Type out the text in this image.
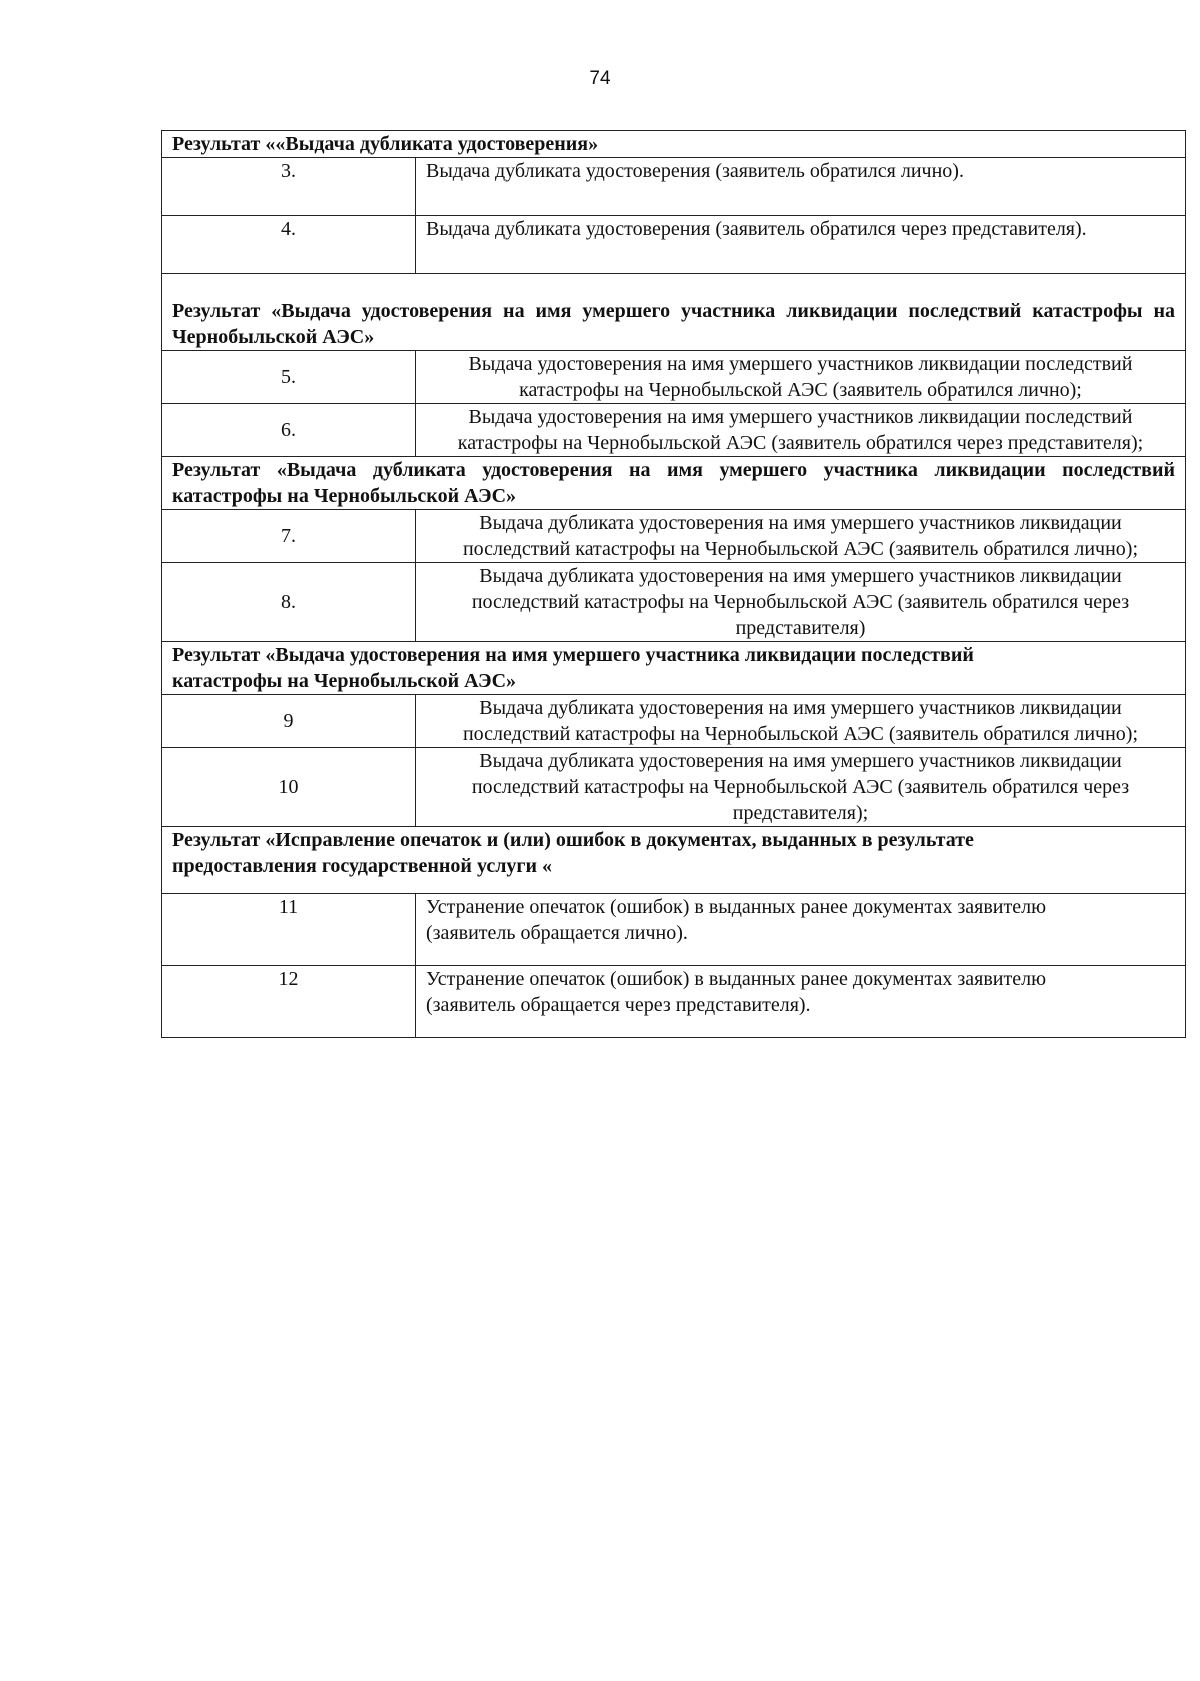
74
Результат ««Выдача дубликата удостоверения»	
3.	Выдача дубликата удостоверения (заявитель обратился лично).
4.	Выдача дубликата удостоверения (заявитель обратился через представителя).
Результат «Выдача удостоверения на имя умершего участника ликвидации последствий катастрофы на Чернобыльской АЭС»	
5.	Выдача удостоверения на имя умершего участников ликвидации последствий катастрофы на Чернобыльской АЭС (заявитель обратился лично);
6.	Выдача удостоверения на имя умершего участников ликвидации последствий катастрофы на Чернобыльской АЭС (заявитель обратился через представителя);
Результат «Выдача дубликата удостоверения на имя умершего участника ликвидации последствий катастрофы на Чернобыльской АЭС»	
7.	Выдача дубликата удостоверения на имя умершего участников ликвидации последствий катастрофы на Чернобыльской АЭС (заявитель обратился лично);
8.	Выдача дубликата удостоверения на имя умершего участников ликвидации последствий катастрофы на Чернобыльской АЭС (заявитель обратился через представителя)
Результат «Выдача удостоверения на имя умершего участника ликвидации последствий катастрофы на Чернобыльской АЭС»	
9	Выдача дубликата удостоверения на имя умершего участников ликвидации последствий катастрофы на Чернобыльской АЭС (заявитель обратился лично);
10	Выдача дубликата удостоверения на имя умершего участников ликвидации последствий катастрофы на Чернобыльской АЭС (заявитель обратился через представителя);
Результат «Исправление опечаток и (или) ошибок в документах, выданных в результате предоставления государственной услуги «	
11	Устранение опечаток (ошибок) в выданных ранее документах заявителю (заявитель обращается лично).
12	Устранение опечаток (ошибок) в выданных ранее документах заявителю (заявитель обращается через представителя).
